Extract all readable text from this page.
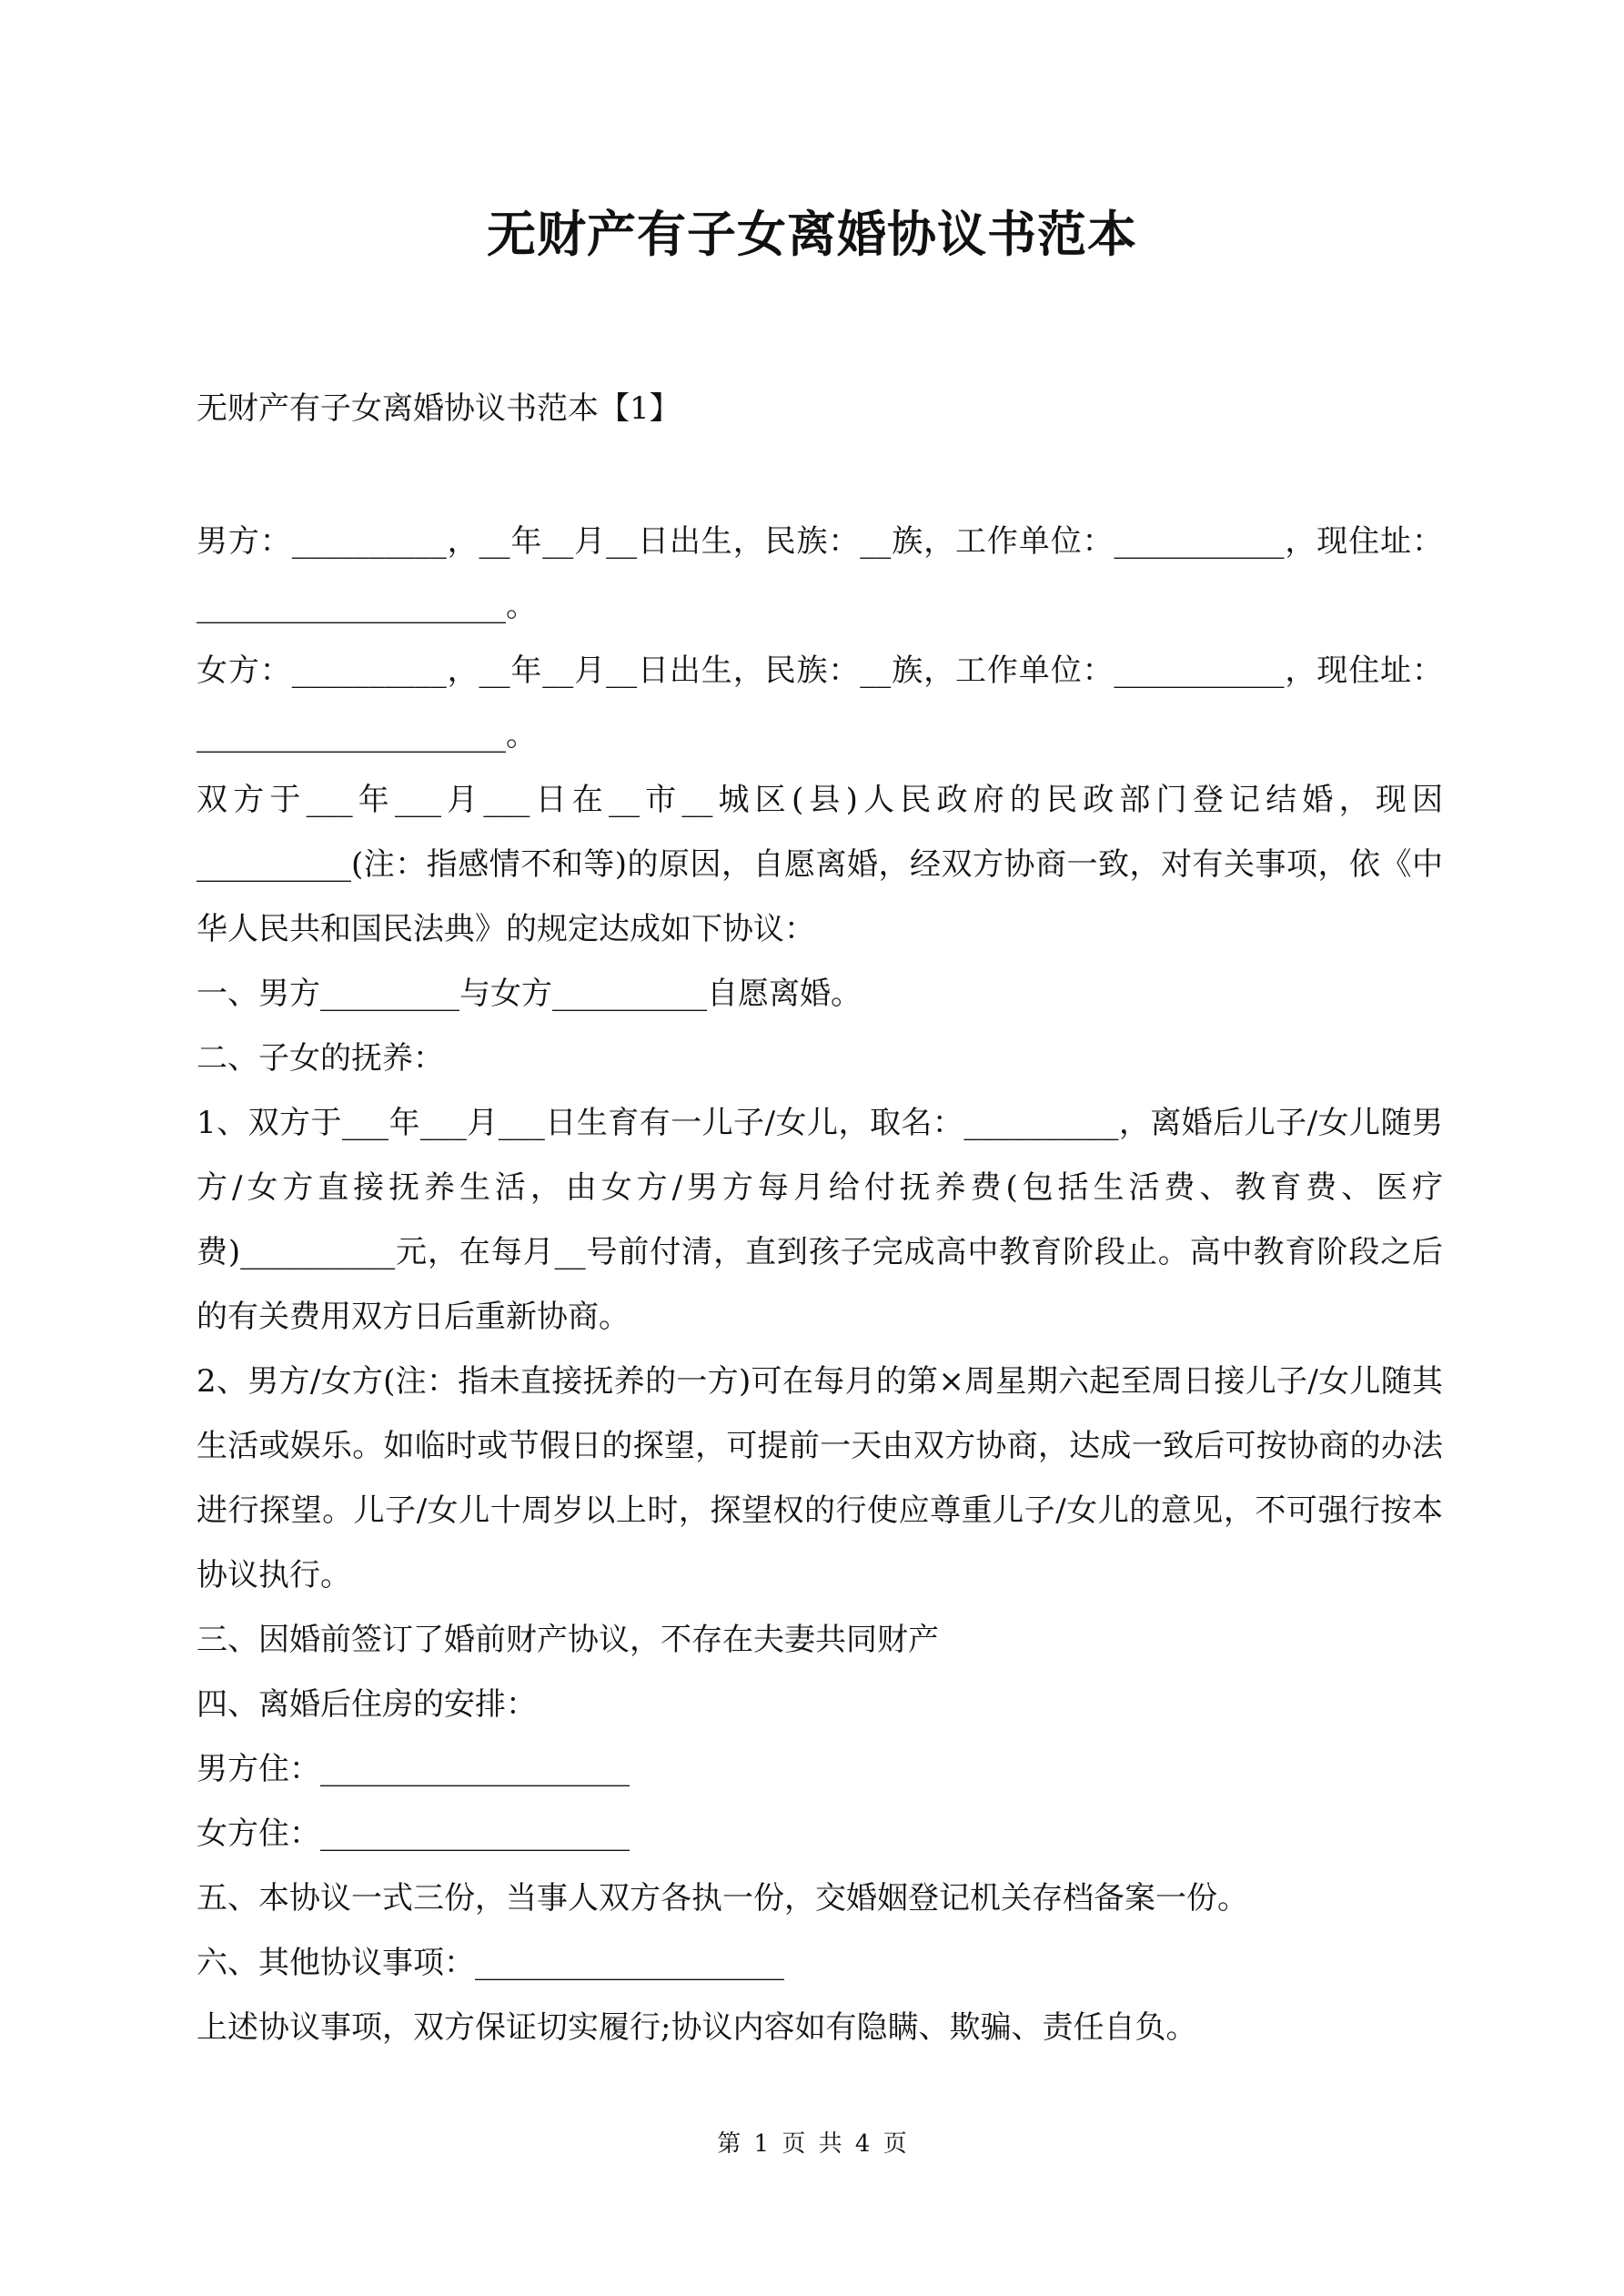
无财产有子女离婚协议书范本
无财产有子女离婚协议书范本【1】

男方：__________，__年__月__日出生，民族：__族，工作单位：___________，现住址：____________________。

女方：__________，__年__月__日出生，民族：__族，工作单位：___________，现住址：____________________。

双方于___年___月___日在__市__城区(县)人民政府的民政部门登记结婚，现因__________(注：指感情不和等)的原因，自愿离婚，经双方协商一致，对有关事项，依《中华人民共和国民法典》的规定达成如下协议：

一、男方_________与女方__________自愿离婚。

二、子女的抚养：

1、双方于___年___月___日生育有一儿子/女儿，取名：__________，离婚后儿子/女儿随男方/女方直接抚养生活，由女方/男方每月给付抚养费(包括生活费、教育费、医疗费)__________元，在每月__号前付清，直到孩子完成高中教育阶段止。高中教育阶段之后的有关费用双方日后重新协商。

2、男方/女方(注：指未直接抚养的一方)可在每月的第×周星期六起至周日接儿子/女儿随其生活或娱乐。如临时或节假日的探望，可提前一天由双方协商，达成一致后可按协商的办法进行探望。儿子/女儿十周岁以上时，探望权的行使应尊重儿子/女儿的意见，不可强行按本协议执行。

三、因婚前签订了婚前财产协议，不存在夫妻共同财产

四、离婚后住房的安排：

男方住：____________________

女方住：____________________

五、本协议一式三份，当事人双方各执一份，交婚姻登记机关存档备案一份。

六、其他协议事项：____________________

上述协议事项，双方保证切实履行;协议内容如有隐瞒、欺骗、责任自负。

第 1 页 共 4 页
